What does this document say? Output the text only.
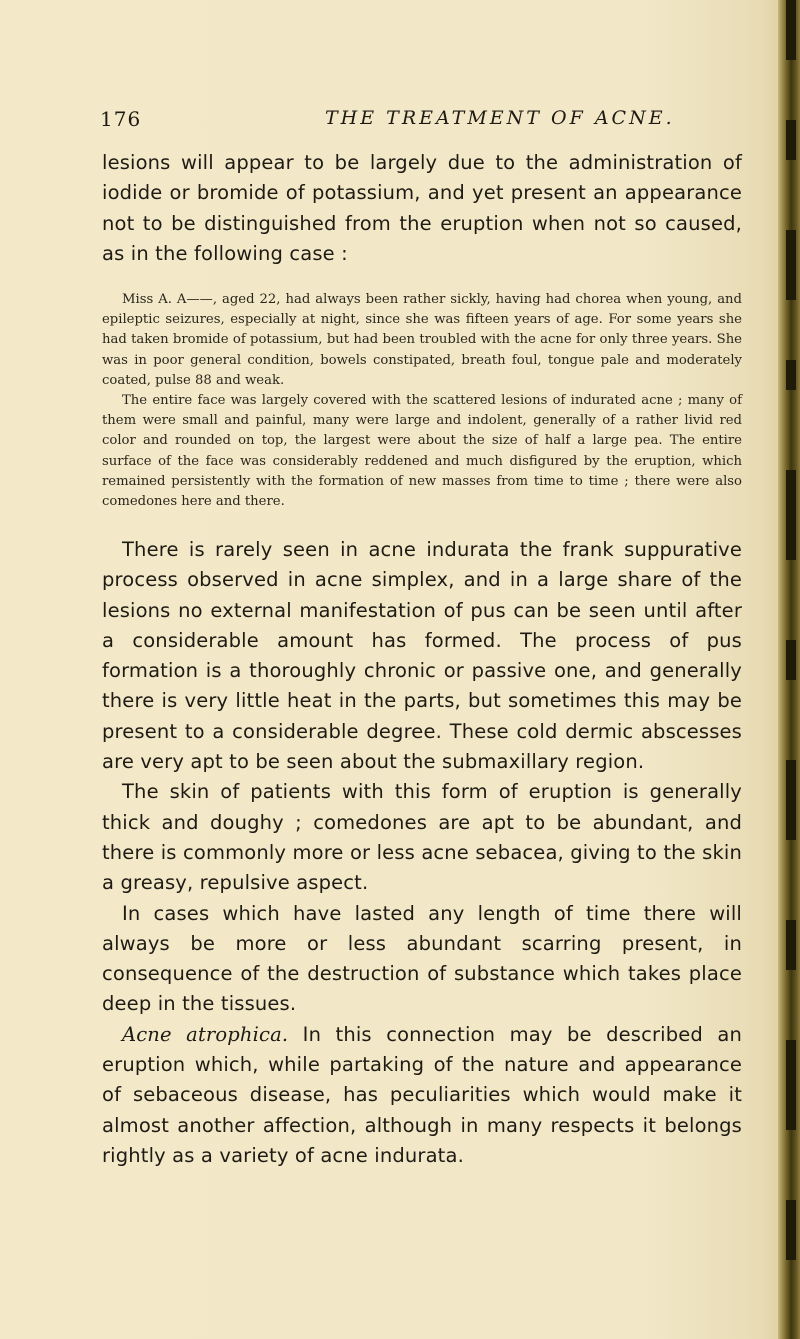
176	THE TREATMENT OF ACNE.

lesions will appear to be largely due to the administration of iodide or bromide of potassium, and yet present an appearance not to be distinguished from the eruption when not so caused, as in the following case :

Miss A. A——, aged 22, had always been rather sickly, having had chorea when young, and epileptic seizures, especially at night, since she was fifteen years of age. For some years she had taken bromide of potassium, but had been troubled with the acne for only three years. She was in poor general condition, bowels constipated, breath foul, tongue pale and moderately coated, pulse 88 and weak.

The entire face was largely covered with the scattered lesions of indurated acne ; many of them were small and painful, many were large and indolent, generally of a rather livid red color and rounded on top, the largest were about the size of half a large pea. The entire surface of the face was considerably reddened and much disfigured by the eruption, which remained persistently with the formation of new masses from time to time ; there were also comedones here and there.

There is rarely seen in acne indurata the frank suppurative process observed in acne simplex, and in a large share of the lesions no external manifestation of pus can be seen until after a considerable amount has formed. The process of pus formation is a thoroughly chronic or passive one, and generally there is very little heat in the parts, but sometimes this may be present to a considerable degree. These cold dermic abscesses are very apt to be seen about the submaxillary region.

The skin of patients with this form of eruption is generally thick and doughy ; comedones are apt to be abundant, and there is commonly more or less acne sebacea, giving to the skin a greasy, repulsive aspect.

In cases which have lasted any length of time there will always be more or less abundant scarring present, in consequence of the destruction of substance which takes place deep in the tissues.

Acne atrophica. In this connection may be described an eruption which, while partaking of the nature and appearance of sebaceous disease, has peculiarities which would make it almost another affection, although in many respects it belongs rightly as a variety of acne indurata.
